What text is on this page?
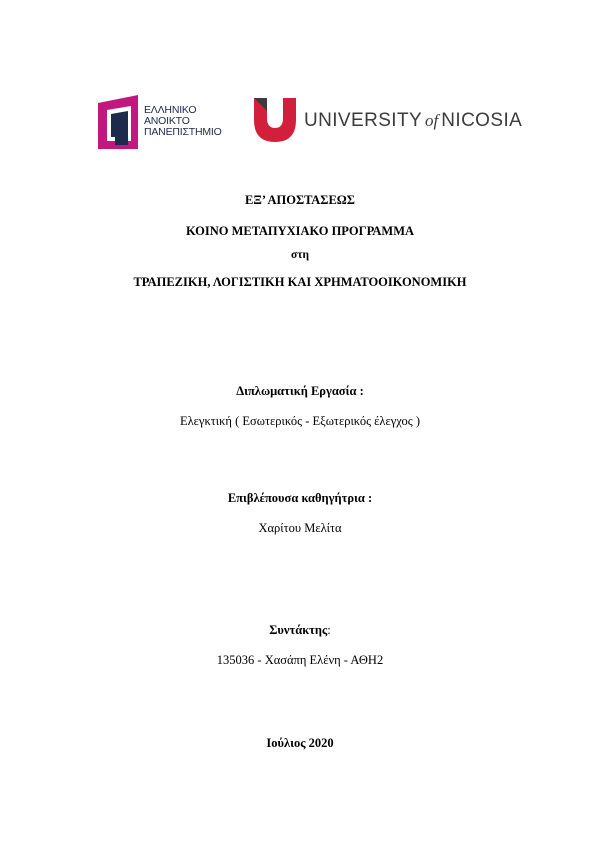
ΕΛΛΗΝΙΚΟ
ΑΝΟΙΚΤΟ
ΠΑΝΕΠΙΣΤΗΜΙΟ
UNIVERSITY of NICOSIA
ΕΞ’ ΑΠΟΣΤΑΣΕΩΣ
ΚΟΙΝΟ ΜΕΤΑΠΥΧΙΑΚΟ ΠΡΟΓΡΑΜΜΑ
στη
ΤΡΑΠΕΖΙΚΗ, ΛΟΓΙΣΤΙΚΗ ΚΑΙ ΧΡΗΜΑΤΟΟΙΚΟΝΟΜΙΚΗ
Διπλωματική Εργασία :
Ελεγκτική ( Εσωτερικός - Εξωτερικός έλεγχος )
Επιβλέπουσα καθηγήτρια :
Χαρίτου Μελίτα
Συντάκτης:
135036 - Χασάπη Ελένη - ΑΘΗ2
Ιούλιος 2020
